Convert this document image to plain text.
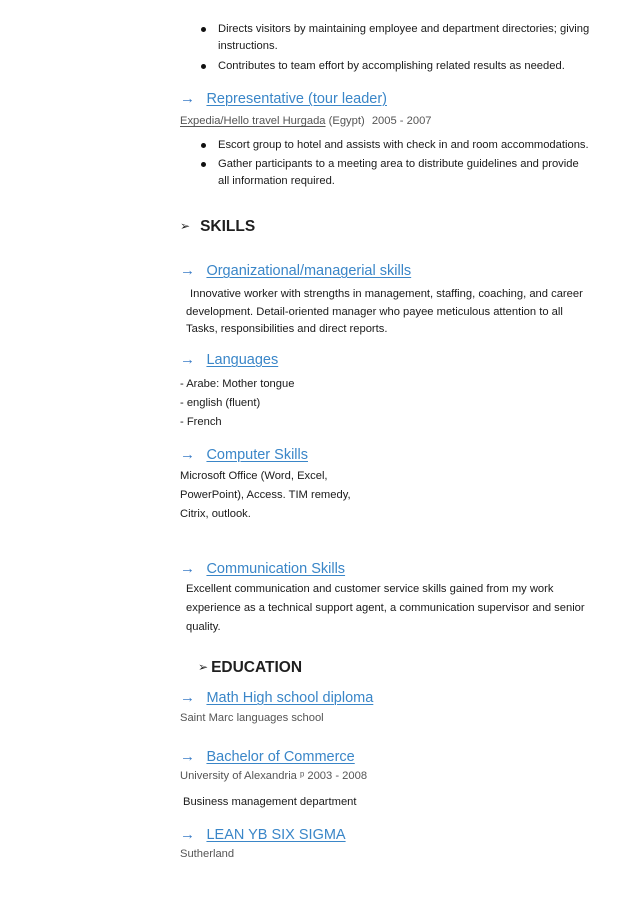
Directs visitors by maintaining employee and department directories; giving
instructions.
Contributes to team effort by accomplishing related results as needed.
→ Representative (tour leader)
Expedia/Hello travel Hurgada (Egypt) 2005 - 2007
Escort group to hotel and assists with check in and room accommodations.
Gather participants to a meeting area to distribute guidelines and provide
all information required.
➢ SKILLS
→ Organizational/managerial skills
Innovative worker with strengths in management, staffing, coaching, and career
development. Detail-oriented manager who payee meticulous attention to all
Tasks, responsibilities and direct reports.
→ Languages
- Arabe: Mother tongue
- english (fluent)
- French
→ Computer Skills
Microsoft Office (Word, Excel,
PowerPoint), Access. TIM remedy,
Citrix, outlook.
→ Communication Skills
Excellent communication and customer service skills gained from my work
experience as a technical support agent, a communication supervisor and senior
quality.
➢ EDUCATION
→ Math High school diploma
Saint Marc languages school
→ Bachelor of Commerce
University of Alexandria ᵖ 2003 - 2008
Business management department
→ LEAN YB SIX SIGMA
Sutherland
